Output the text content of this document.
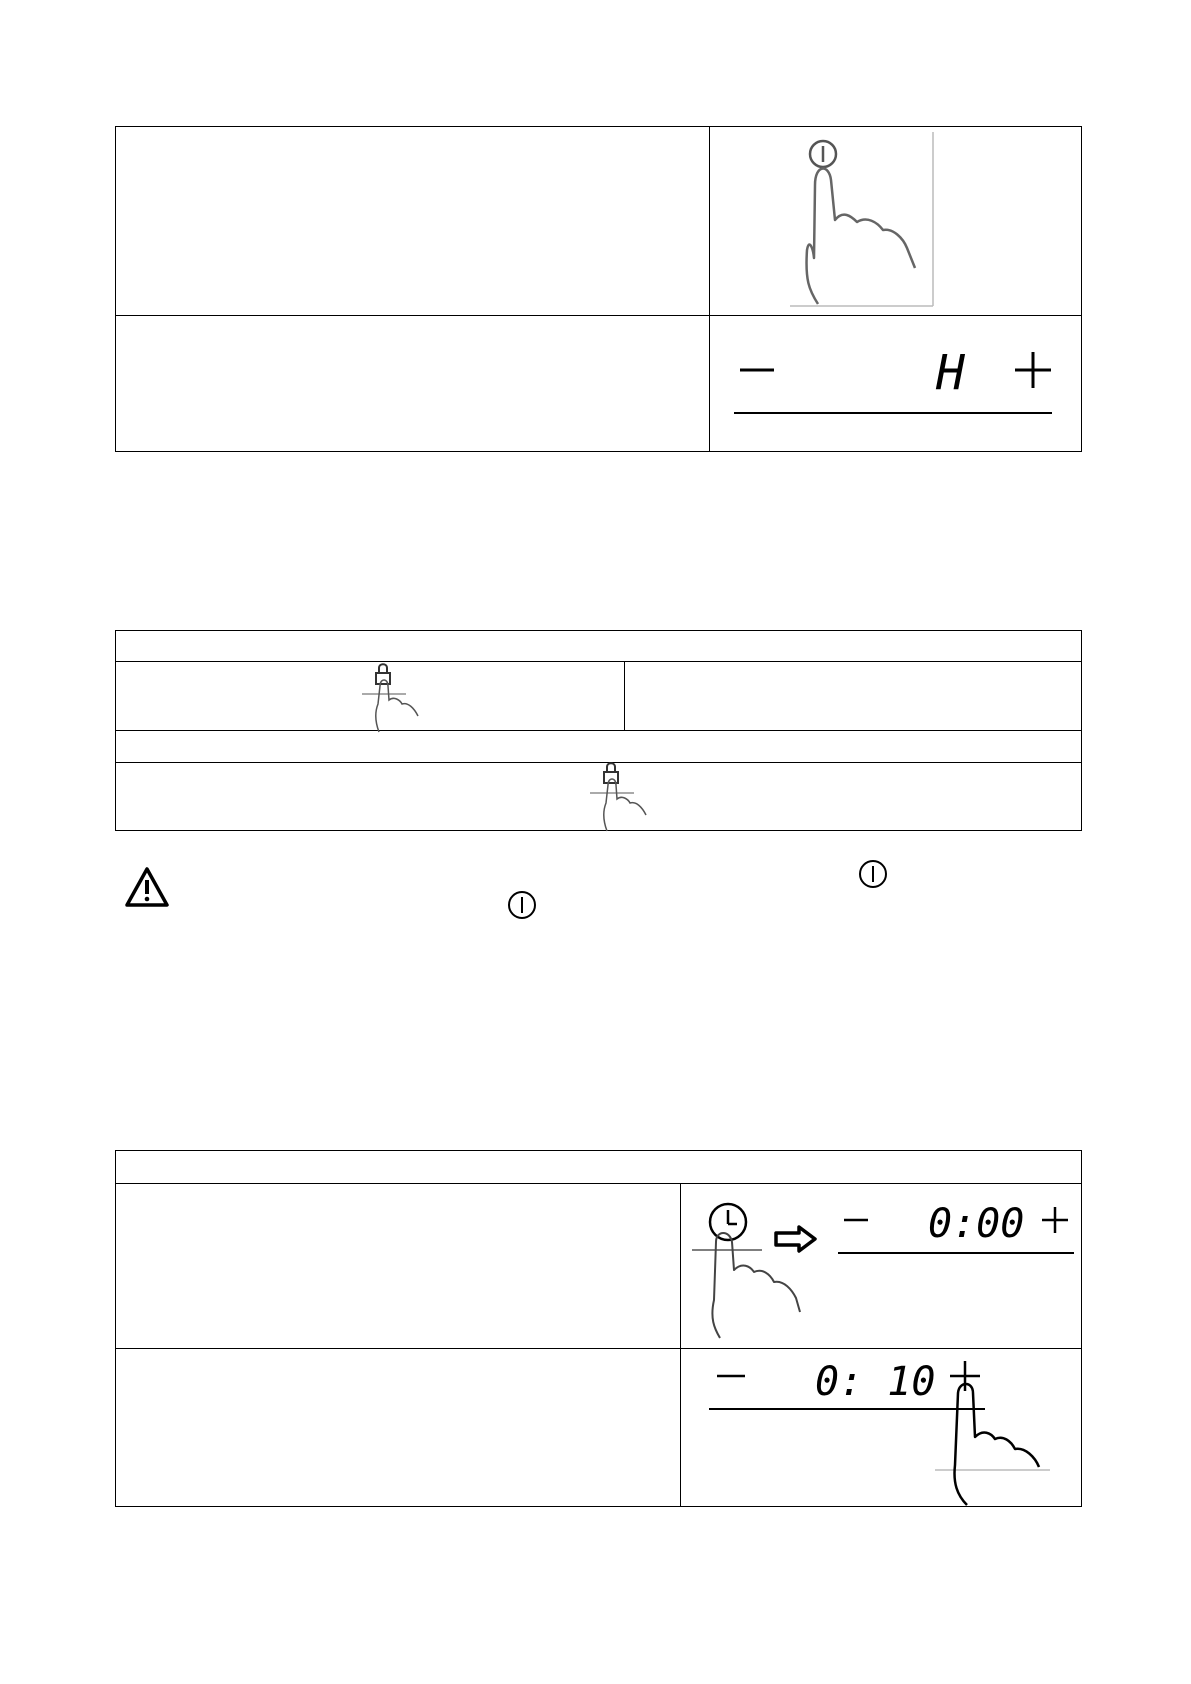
H
0:00
0: 10
